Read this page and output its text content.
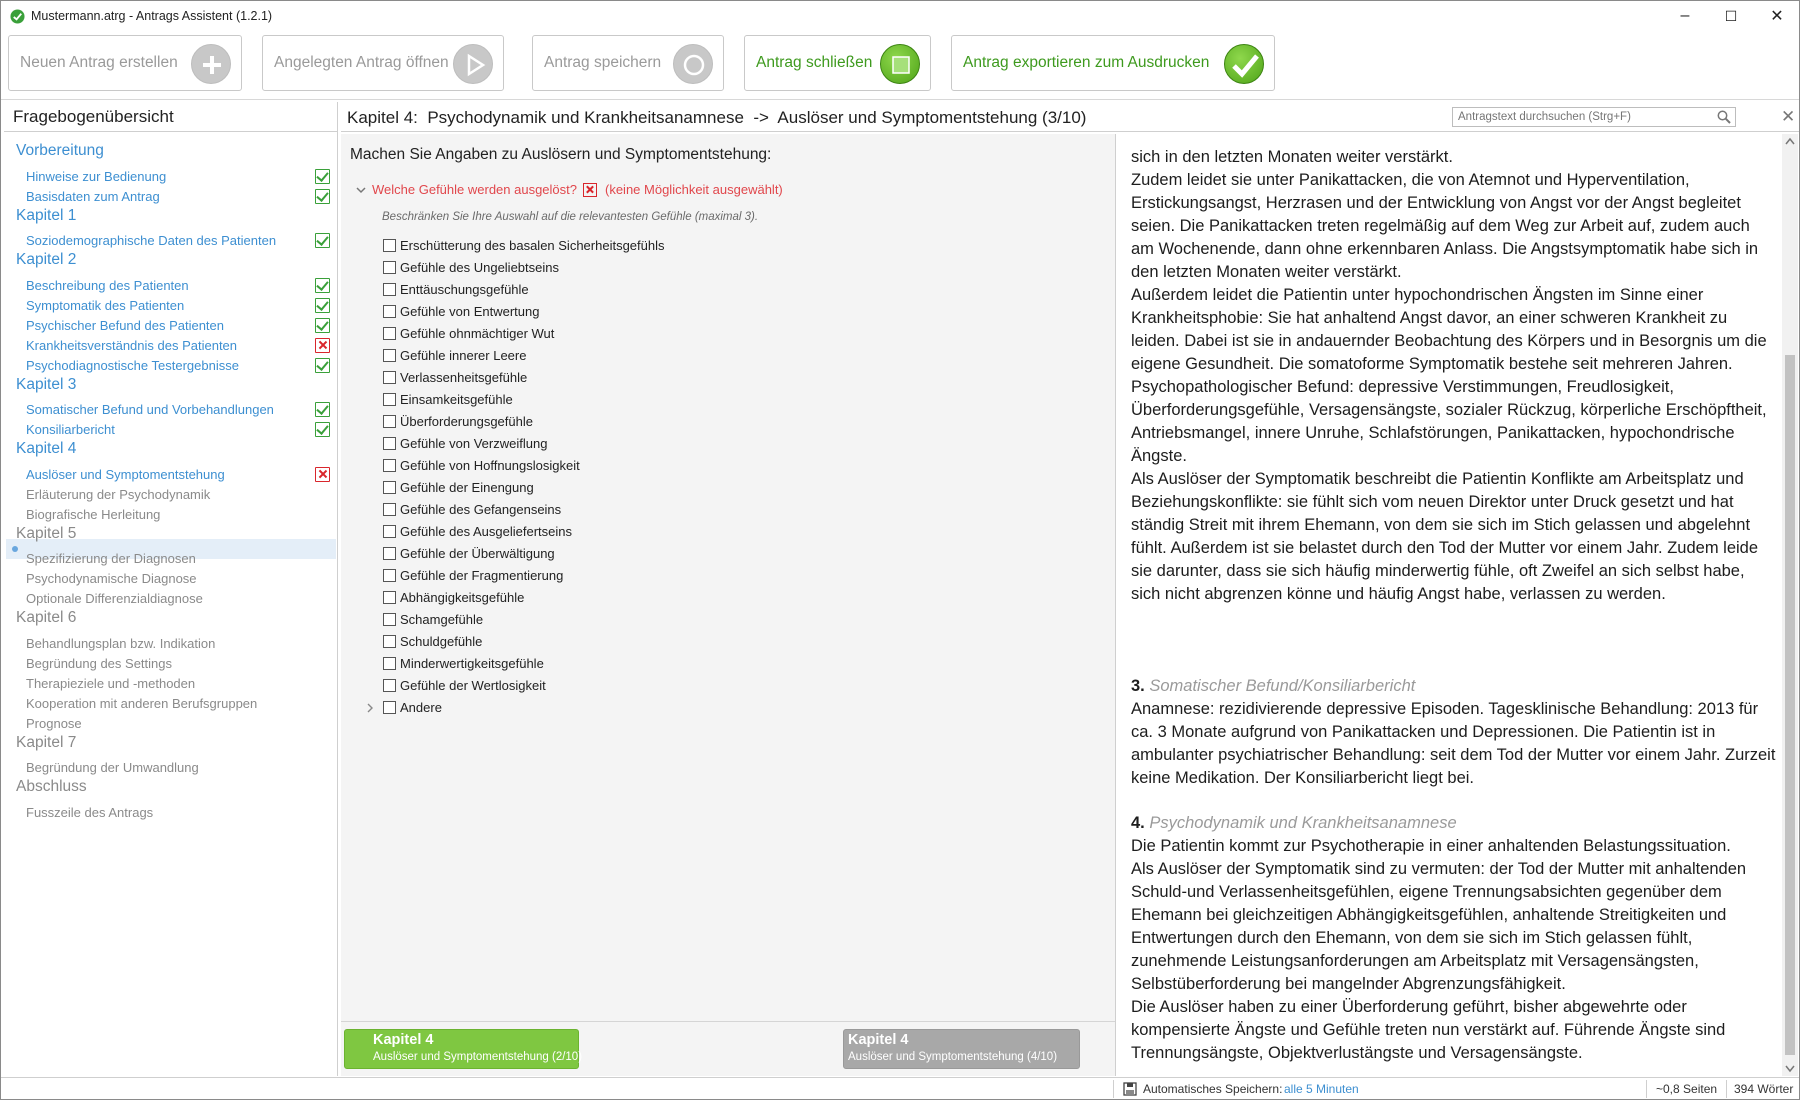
Mustermann.atrg - Antrags Assistent (1.2.1)	–	☐	✕
Neuen Antrag erstellen	Angelegten Antrag öffnen	Antrag speichern	Antrag schließen	Antrag exportieren zum Ausdrucken
Fragebogenübersicht
Vorbereitung
Hinweise zur Bedienung
Basisdaten zum Antrag
Kapitel 1
Soziodemographische Daten des Patienten
Kapitel 2
Beschreibung des Patienten
Symptomatik des Patienten
Psychischer Befund des Patienten
Krankheitsverständnis des Patienten
Psychodiagnostische Testergebnisse
Kapitel 3
Somatischer Befund und Vorbehandlungen
Konsiliarbericht
Kapitel 4
Auslöser und Symptomentstehung
Erläuterung der Psychodynamik
Biografische Herleitung
Kapitel 5
Spezifizierung der Diagnosen
Psychodynamische Diagnose
Optionale Differenzialdiagnose
Kapitel 6
Behandlungsplan bzw. Indikation
Begründung des Settings
Therapieziele und -methoden
Kooperation mit anderen Berufsgruppen
Prognose
Kapitel 7
Begründung der Umwandlung
Abschluss
Fusszeile des Antrags
Kapitel 4:  Psychodynamik und Krankheitsanamnese  ->  Auslöser und Symptomentstehung (3/10)
Antragstext durchsuchen (Strg+F)	✕
Machen Sie Angaben zu Auslösern und Symptomentstehung:
Welche Gefühle werden ausgelöst? (keine Möglichkeit ausgewählt)
Beschränken Sie Ihre Auswahl auf die relevantesten Gefühle (maximal 3).
Erschütterung des basalen Sicherheitsgefühls
Gefühle des Ungeliebtseins
Enttäuschungsgefühle
Gefühle von Entwertung
Gefühle ohnmächtiger Wut
Gefühle innerer Leere
Verlassenheitsgefühle
Einsamkeitsgefühle
Überforderungsgefühle
Gefühle von Verzweiflung
Gefühle von Hoffnungslosigkeit
Gefühle der Einengung
Gefühle des Gefangenseins
Gefühle des Ausgeliefertseins
Gefühle der Überwältigung
Gefühle der Fragmentierung
Abhängigkeitsgefühle
Schamgefühle
Schuldgefühle
Minderwertigkeitsgefühle
Gefühle der Wertlosigkeit
Andere
Kapitel 4
Auslöser und Symptomentstehung (2/10)
Kapitel 4
Auslöser und Symptomentstehung (4/10)
sich in den letzten Monaten weiter verstärkt.
Zudem leidet sie unter Panikattacken, die von Atemnot und Hyperventilation, Erstickungsangst, Herzrasen und der Entwicklung von Angst vor der Angst begleitet seien. Die Panikattacken treten regelmäßig auf dem Weg zur Arbeit auf, zudem auch am Wochenende, dann ohne erkennbaren Anlass. Die Angstsymptomatik habe sich in den letzten Monaten weiter verstärkt.
Außerdem leidet die Patientin unter hypochondrischen Ängsten im Sinne einer Krankheitsphobie: Sie hat anhaltend Angst davor, an einer schweren Krankheit zu leiden. Dabei ist sie in andauernder Beobachtung des Körpers und in Besorgnis um die eigene Gesundheit. Die somatoforme Symptomatik bestehe seit mehreren Jahren.
Psychopathologischer Befund: depressive Verstimmungen, Freudlosigkeit, Überforderungsgefühle, Versagensängste, sozialer Rückzug, körperliche Erschöpftheit, Antriebsmangel, innere Unruhe, Schlafstörungen, Panikattacken, hypochondrische Ängste.
Als Auslöser der Symptomatik beschreibt die Patientin Konflikte am Arbeitsplatz und Beziehungskonflikte: sie fühlt sich vom neuen Direktor unter Druck gesetzt und hat ständig Streit mit ihrem Ehemann, von dem sie sich im Stich gelassen und abgelehnt fühlt. Außerdem ist sie belastet durch den Tod der Mutter vor einem Jahr. Zudem leide sie darunter, dass sie sich häufig minderwertig fühle, oft Zweifel an sich selbst habe, sich nicht abgrenzen könne und häufig Angst habe, verlassen zu werden.
3. Somatischer Befund/Konsiliarbericht
Anamnese: rezidivierende depressive Episoden. Tagesklinische Behandlung: 2013 für ca. 3 Monate aufgrund von Panikattacken und Depressionen. Die Patientin ist in ambulanter psychiatrischer Behandlung: seit dem Tod der Mutter vor einem Jahr. Zurzeit keine Medikation. Der Konsiliarbericht liegt bei.
4. Psychodynamik und Krankheitsanamnese
Die Patientin kommt zur Psychotherapie in einer anhaltenden Belastungssituation.
Als Auslöser der Symptomatik sind zu vermuten: der Tod der Mutter mit anhaltenden Schuld-und Verlassenheitsgefühlen, eigene Trennungsabsichten gegenüber dem Ehemann bei gleichzeitigen Abhängigkeitsgefühlen, anhaltende Streitigkeiten und Entwertungen durch den Ehemann, von dem sie sich im Stich gelassen fühlt, zunehmende Leistungsanforderungen am Arbeitsplatz mit Versagensängsten, Selbstüberforderung bei mangelnder Abgrenzungsfähigkeit.
Die Auslöser haben zu einer Überforderung geführt, bisher abgewehrte oder kompensierte Ängste und Gefühle treten nun verstärkt auf. Führende Ängste sind Trennungsängste, Objektverlustängste und Versagensängste.
Automatisches Speichern: alle 5 Minuten	~0,8 Seiten 394 Wörter
